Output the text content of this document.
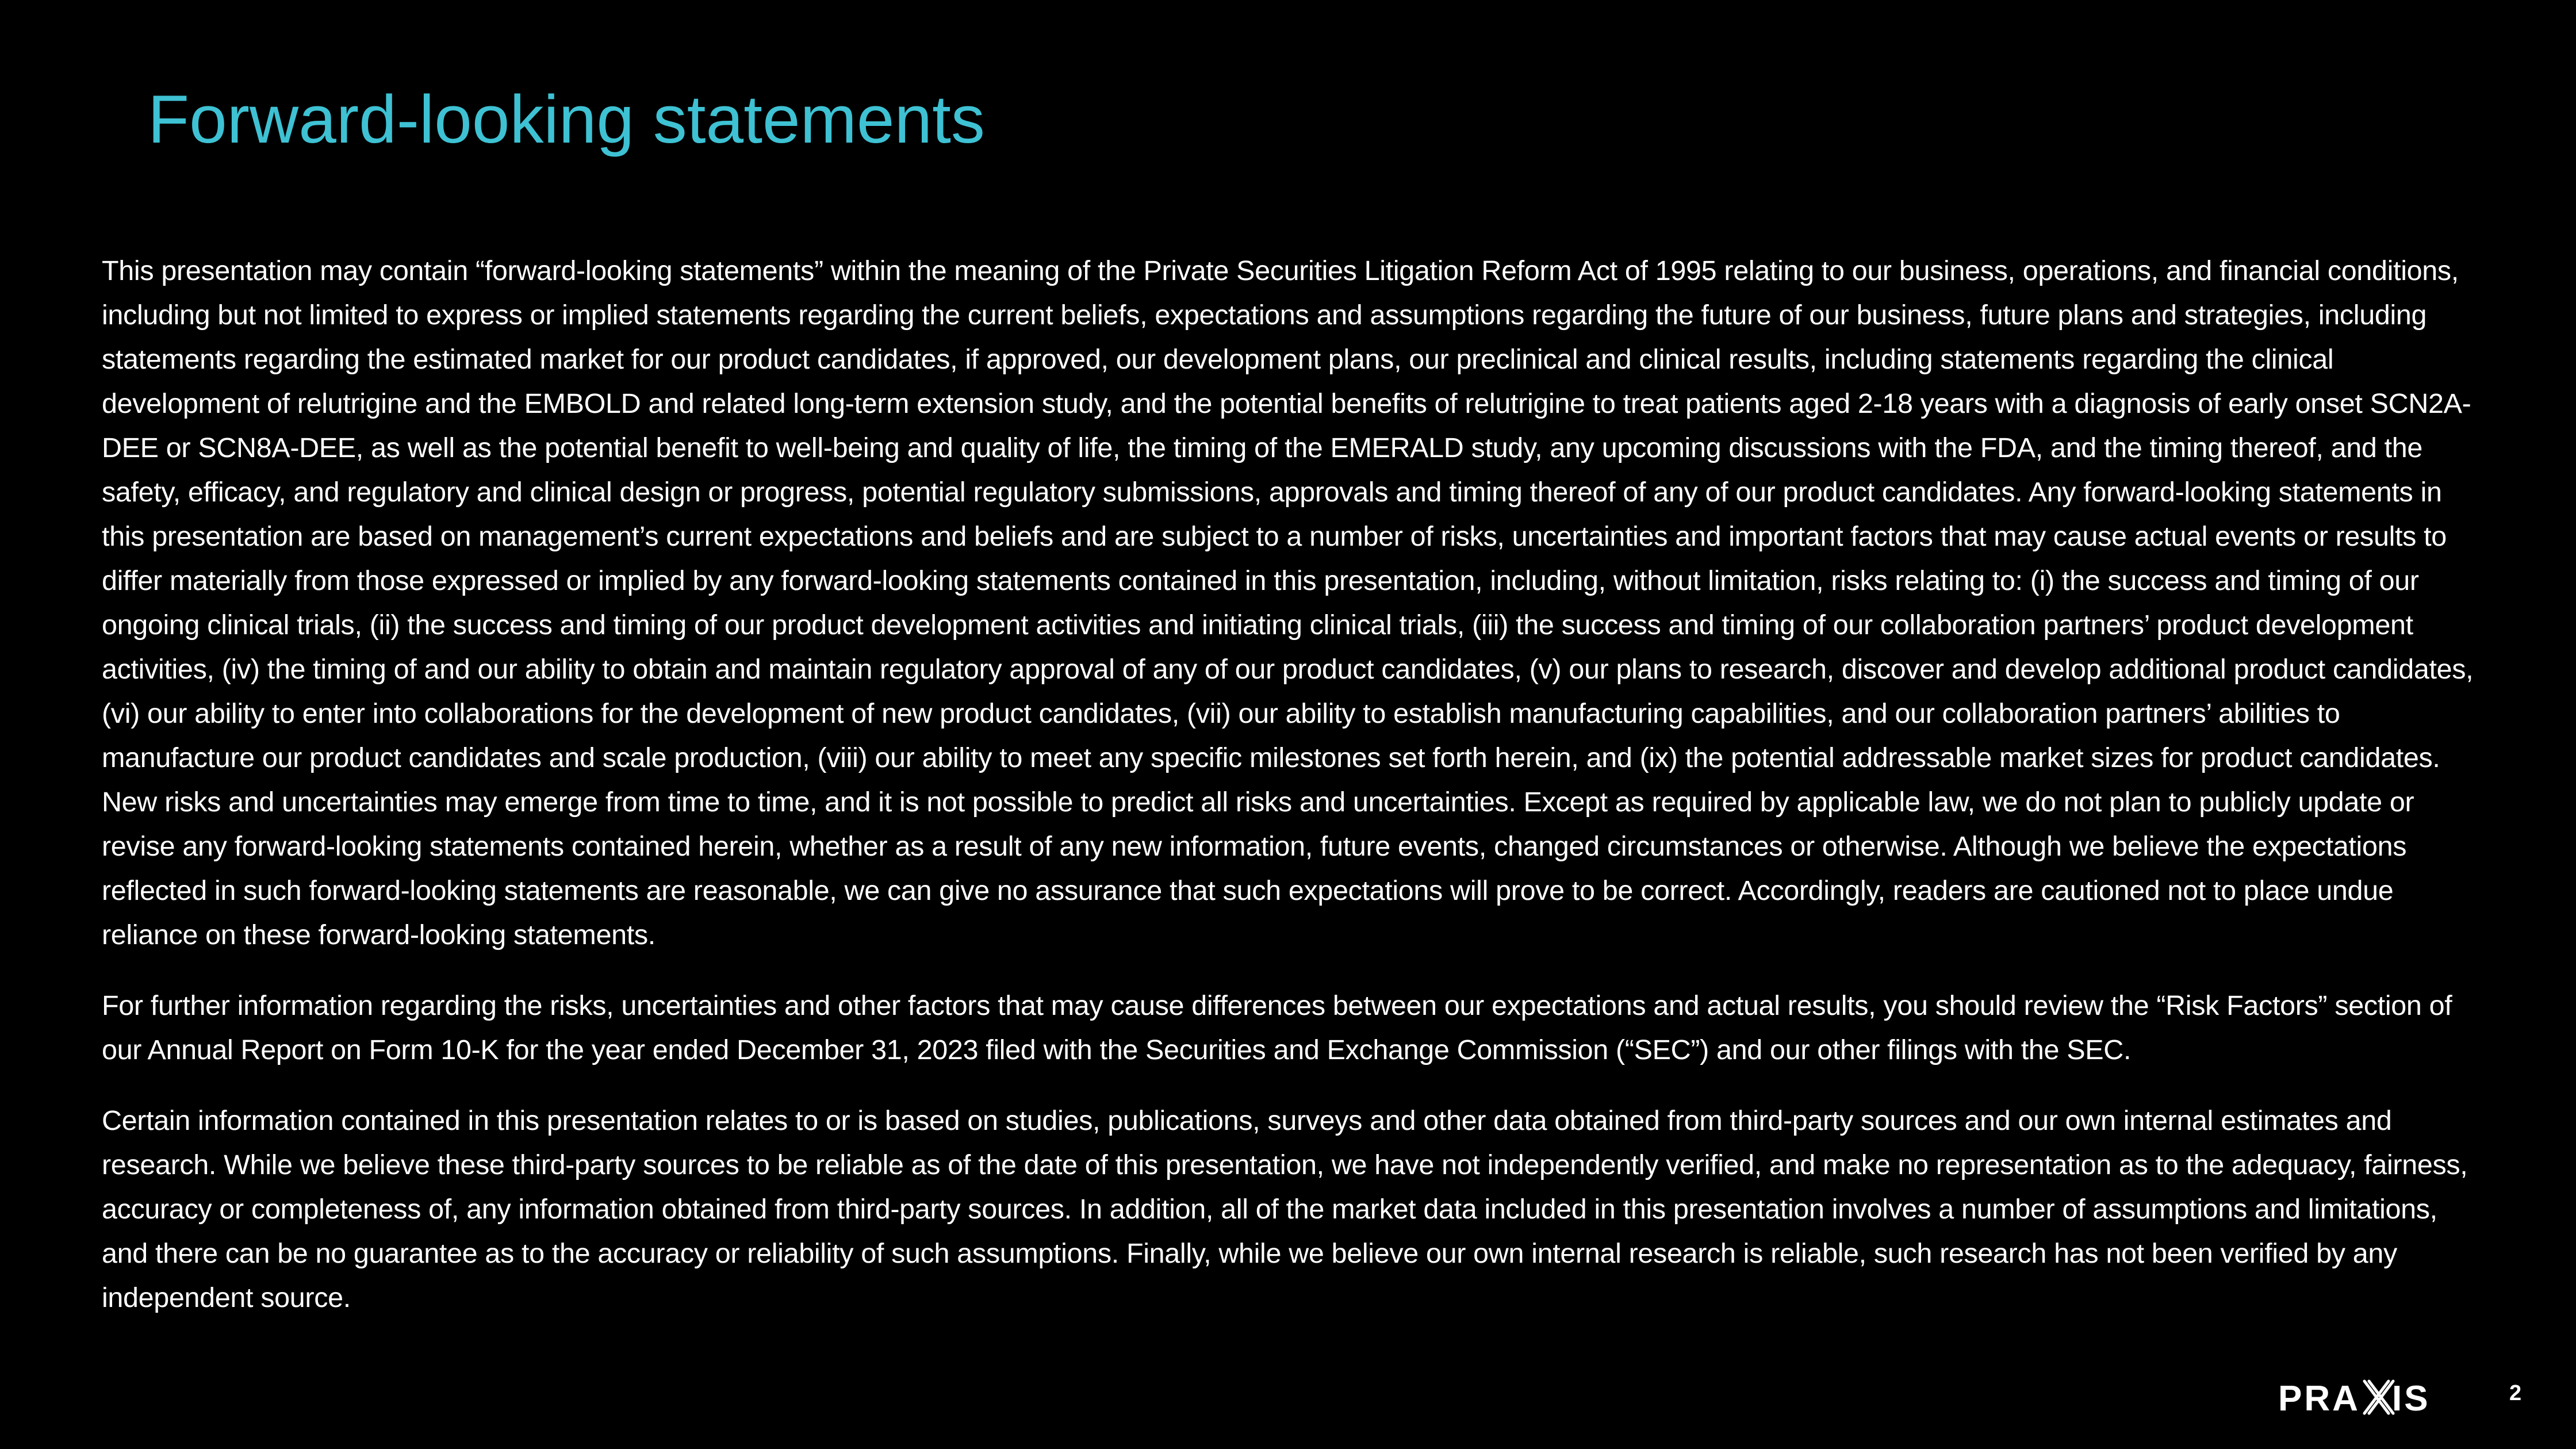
Forward-looking statements

This presentation may contain “forward-looking statements” within the meaning of the Private Securities Litigation Reform Act of 1995 relating to our business, operations, and financial conditions, including but not limited to express or implied statements regarding the current beliefs, expectations and assumptions regarding the future of our business, future plans and strategies, including statements regarding the estimated market for our product candidates, if approved, our development plans, our preclinical and clinical results, including statements regarding the clinical development of relutrigine and the EMBOLD and related long-term extension study, and the potential benefits of relutrigine to treat patients aged 2-18 years with a diagnosis of early onset SCN2A-DEE or SCN8A-DEE, as well as the potential benefit to well-being and quality of life, the timing of the EMERALD study, any upcoming discussions with the FDA, and the timing thereof, and the safety, efficacy, and regulatory and clinical design or progress, potential regulatory submissions, approvals and timing thereof of any of our product candidates. Any forward-looking statements in this presentation are based on management’s current expectations and beliefs and are subject to a number of risks, uncertainties and important factors that may cause actual events or results to differ materially from those expressed or implied by any forward-looking statements contained in this presentation, including, without limitation, risks relating to: (i) the success and timing of our ongoing clinical trials, (ii) the success and timing of our product development activities and initiating clinical trials, (iii) the success and timing of our collaboration partners’ product development activities, (iv) the timing of and our ability to obtain and maintain regulatory approval of any of our product candidates, (v) our plans to research, discover and develop additional product candidates, (vi) our ability to enter into collaborations for the development of new product candidates, (vii) our ability to establish manufacturing capabilities, and our collaboration partners’ abilities to manufacture our product candidates and scale production, (viii) our ability to meet any specific milestones set forth herein, and (ix) the potential addressable market sizes for product candidates. New risks and uncertainties may emerge from time to time, and it is not possible to predict all risks and uncertainties. Except as required by applicable law, we do not plan to publicly update or revise any forward-looking statements contained herein, whether as a result of any new information, future events, changed circumstances or otherwise. Although we believe the expectations reflected in such forward-looking statements are reasonable, we can give no assurance that such expectations will prove to be correct. Accordingly, readers are cautioned not to place undue reliance on these forward-looking statements.

For further information regarding the risks, uncertainties and other factors that may cause differences between our expectations and actual results, you should review the “Risk Factors” section of our Annual Report on Form 10-K for the year ended December 31, 2023 filed with the Securities and Exchange Commission (“SEC”) and our other filings with the SEC.

Certain information contained in this presentation relates to or is based on studies, publications, surveys and other data obtained from third-party sources and our own internal estimates and research. While we believe these third-party sources to be reliable as of the date of this presentation, we have not independently verified, and make no representation as to the adequacy, fairness, accuracy or completeness of, any information obtained from third-party sources. In addition, all of the market data included in this presentation involves a number of assumptions and limitations, and there can be no guarantee as to the accuracy or reliability of such assumptions. Finally, while we believe our own internal research is reliable, such research has not been verified by any independent source.

PRA IS	2
